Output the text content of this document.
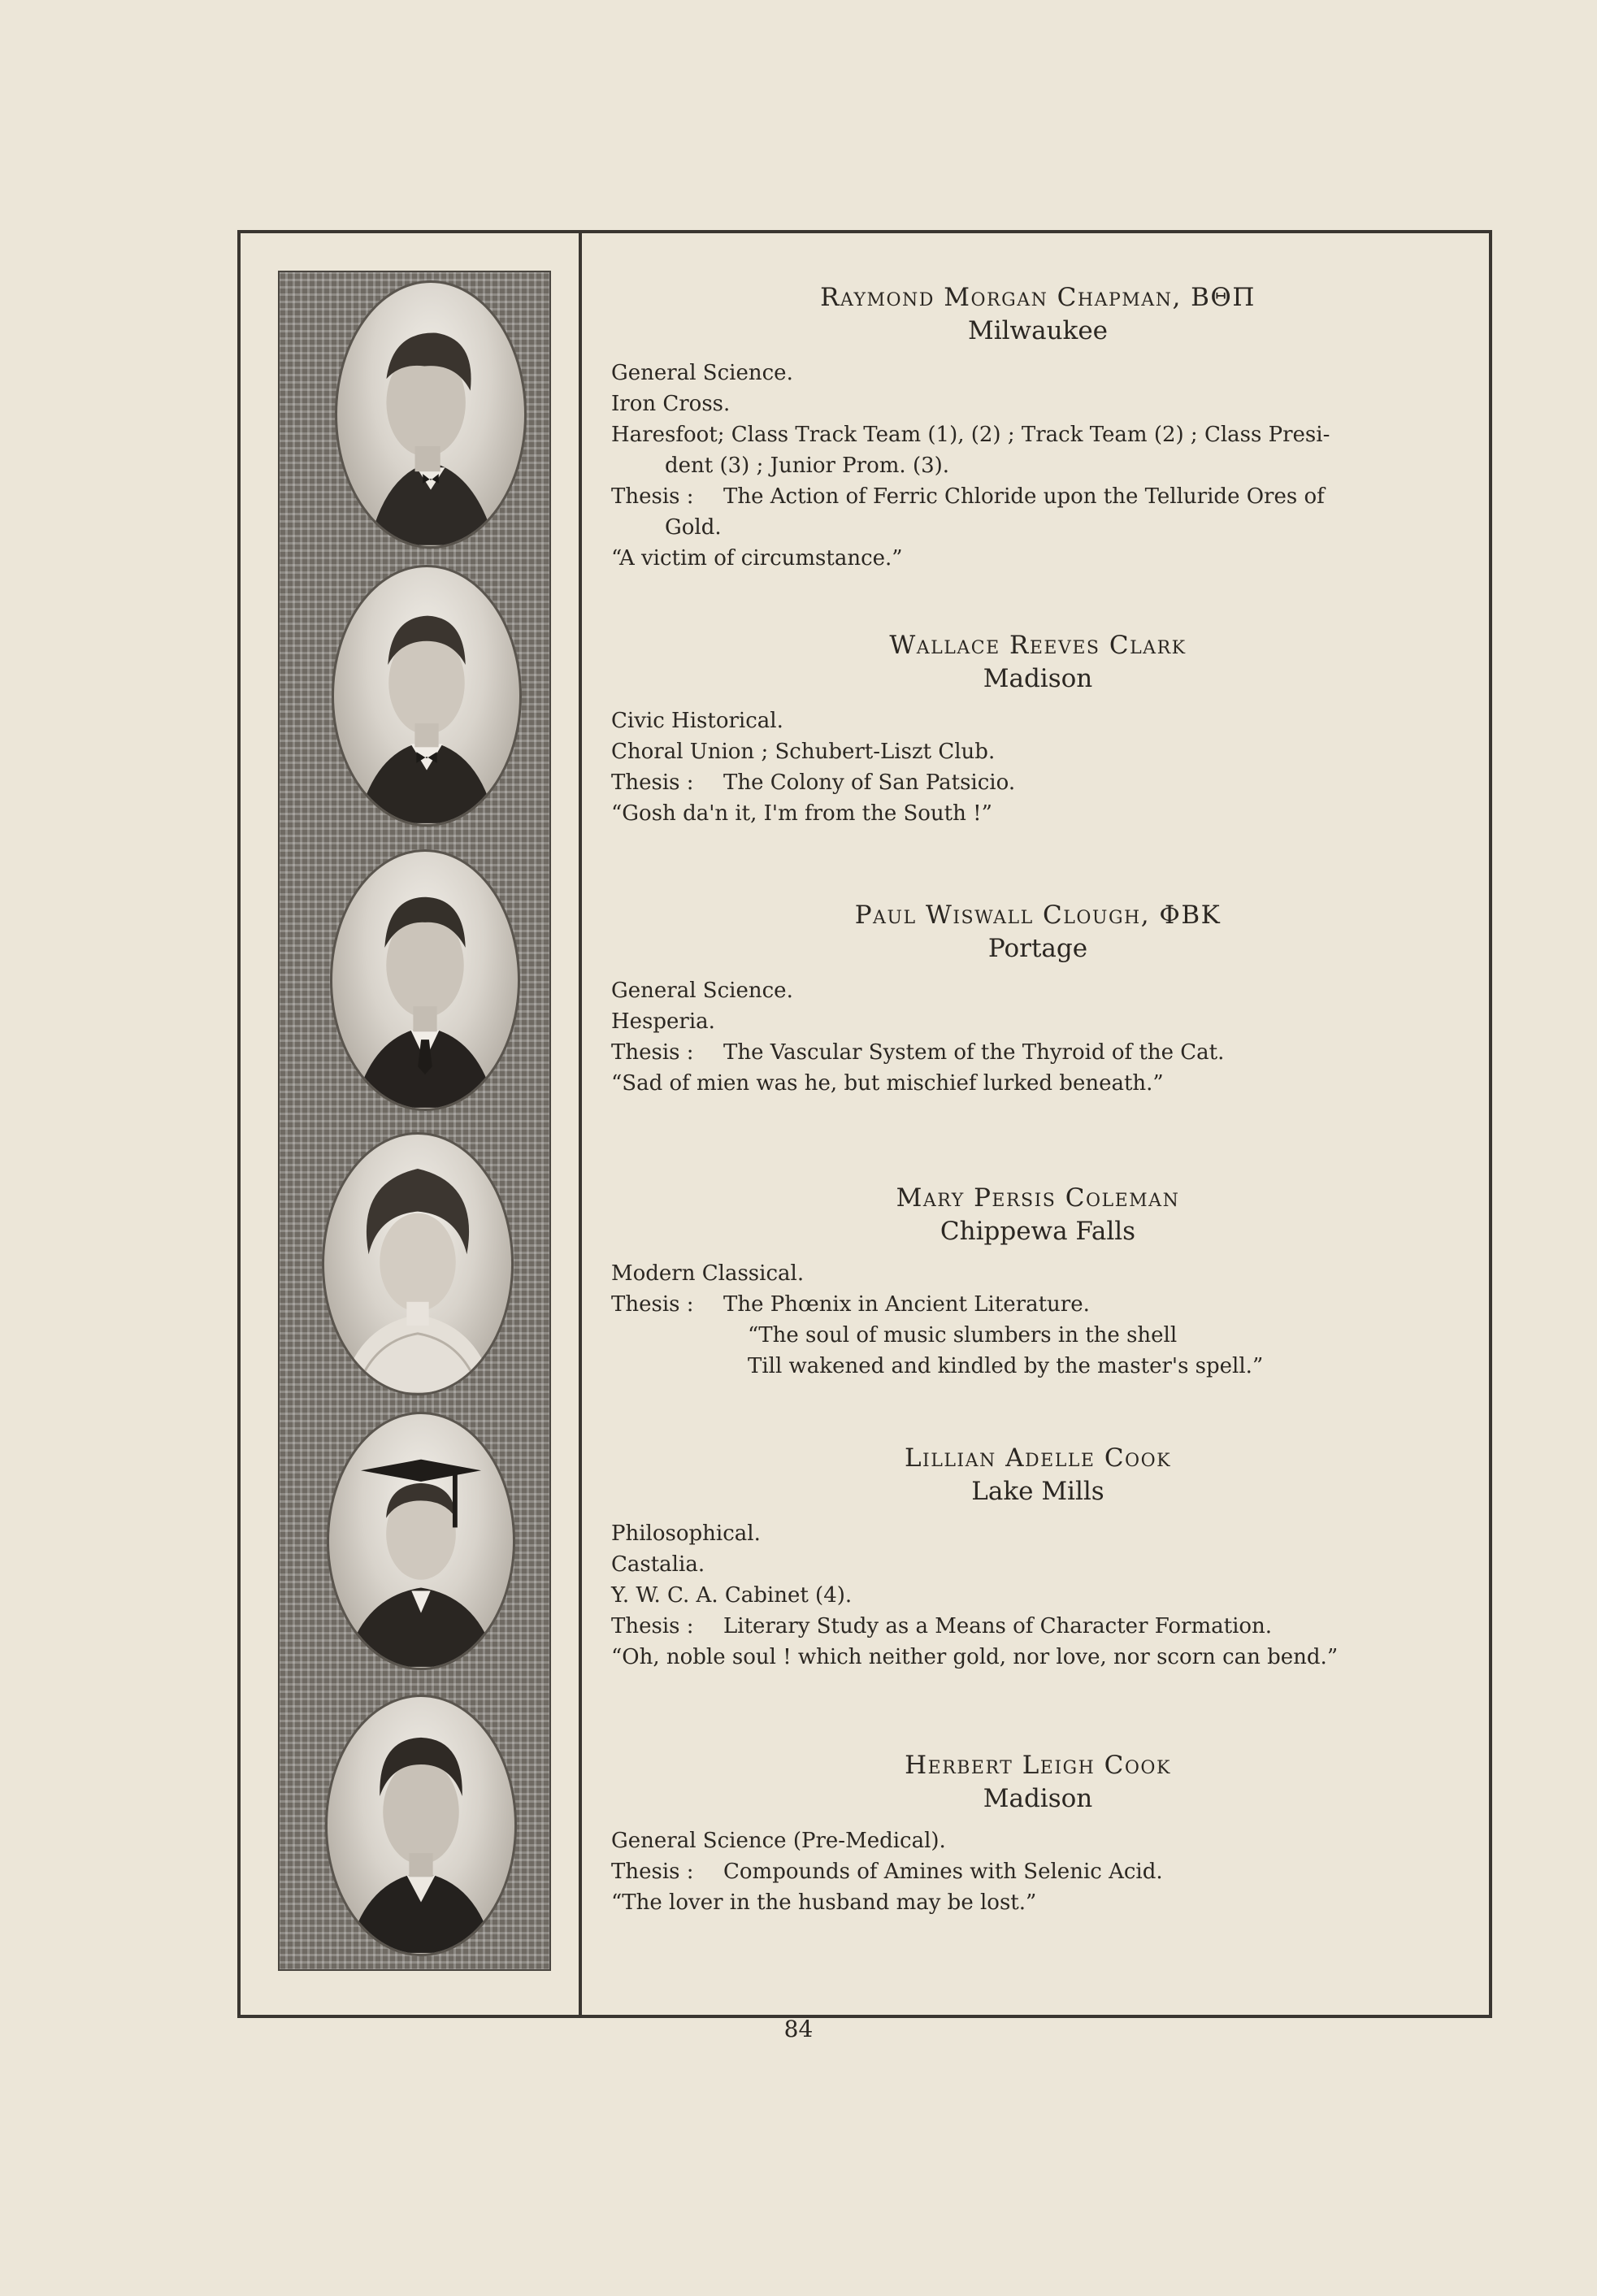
Raymond Morgan Chapman, ΒΘΠ
Milwaukee
General Science.
Iron Cross.
Haresfoot; Class Track Team (1), (2) ; Track Team (2) ; Class Presi-
dent (3) ; Junior Prom. (3).
Thesis :	The Action of Ferric Chloride upon the Telluride Ores of
Gold.
“A victim of circumstance.”
Wallace Reeves Clark
Madison
Civic Historical.
Choral Union ; Schubert-Liszt Club.
Thesis :	The Colony of San Patsicio.
“Gosh da'n it, I'm from the South !”
Paul Wiswall Clough, ΦΒΚ
Portage
General Science.
Hesperia.
Thesis :	The Vascular System of the Thyroid of the Cat.
“Sad of mien was he, but mischief lurked beneath.”
Mary Persis Coleman
Chippewa Falls
Modern Classical.
Thesis :	The Phœnix in Ancient Literature.
“The soul of music slumbers in the shell
Till wakened and kindled by the master's spell.”
Lillian Adelle Cook
Lake Mills
Philosophical.
Castalia.
Y. W. C. A. Cabinet (4).
Thesis :	Literary Study as a Means of Character Formation.
“Oh, noble soul ! which neither gold, nor love, nor scorn can bend.”
Herbert Leigh Cook
Madison
General Science (Pre-Medical).
Thesis :	Compounds of Amines with Selenic Acid.
“The lover in the husband may be lost.”
84
